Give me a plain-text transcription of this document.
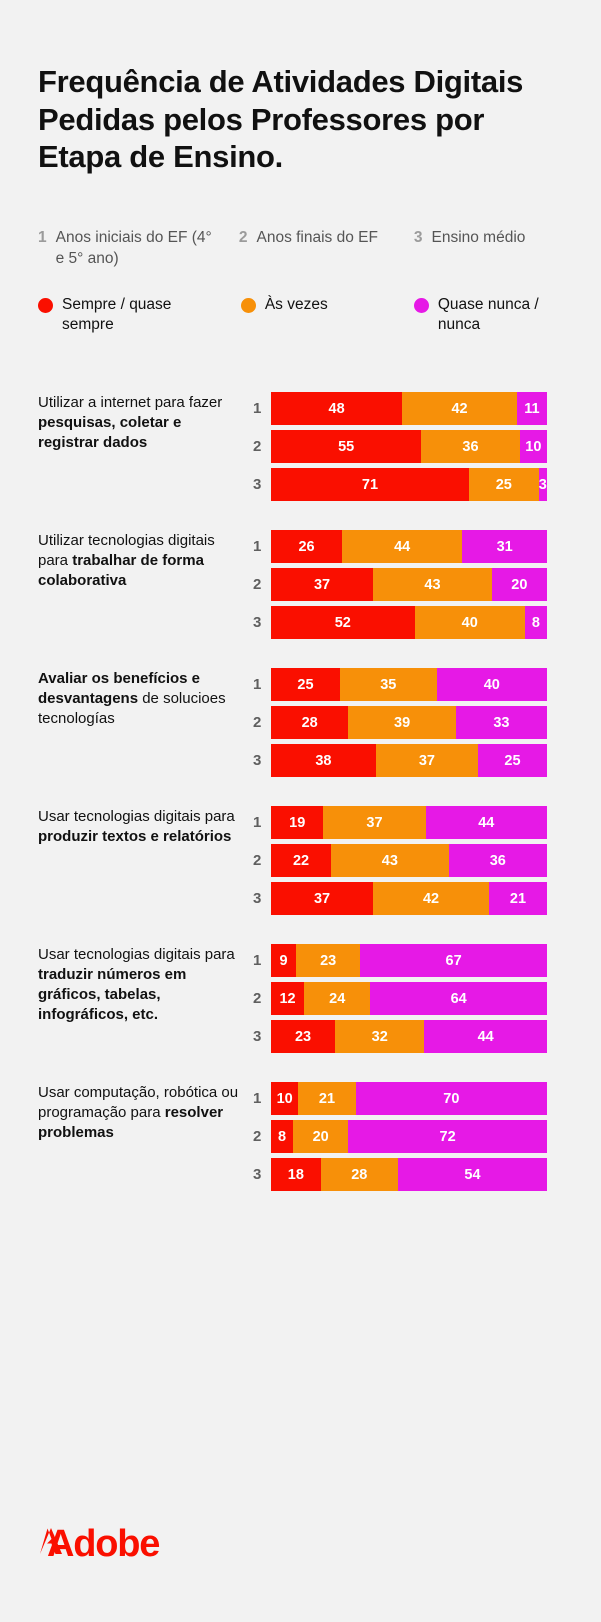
Frequência de Atividades Digitais Pedidas pelos Professores por Etapa de Ensino.
1 Anos iniciais do EF (4° e 5° ano)
2 Anos finais do EF 3 Ensino médio
Sempre / quase sempre
Às vezes	Quase nunca / nunca
Utilizar a internet para fazer pesquisas, coletar e registrar dados
1	48	42	11
2	55	36	10
3	71	25	3
Utilizar tecnologias digitais para trabalhar de forma colaborativa
1	26	44	31
2	37	43	20
3	52	40	8
Avaliar os benefícios e desvantagens de solucioes tecnologías
1	25	35	40
2	28	39	33
3	38	37	25
Usar tecnologias digitais para produzir textos e relatórios
1	19	37	44
2	22	43	36
3	37	42	21
Usar tecnologias digitais para traduzir números em gráficos, tabelas, infográficos, etc.
1	9	23	67
2	12	24	64
3	23	32	44
Usar computação, robótica ou programação para resolver problemas
1	10	21	70
2	8	20	72
3	18	28	54
Adobe
